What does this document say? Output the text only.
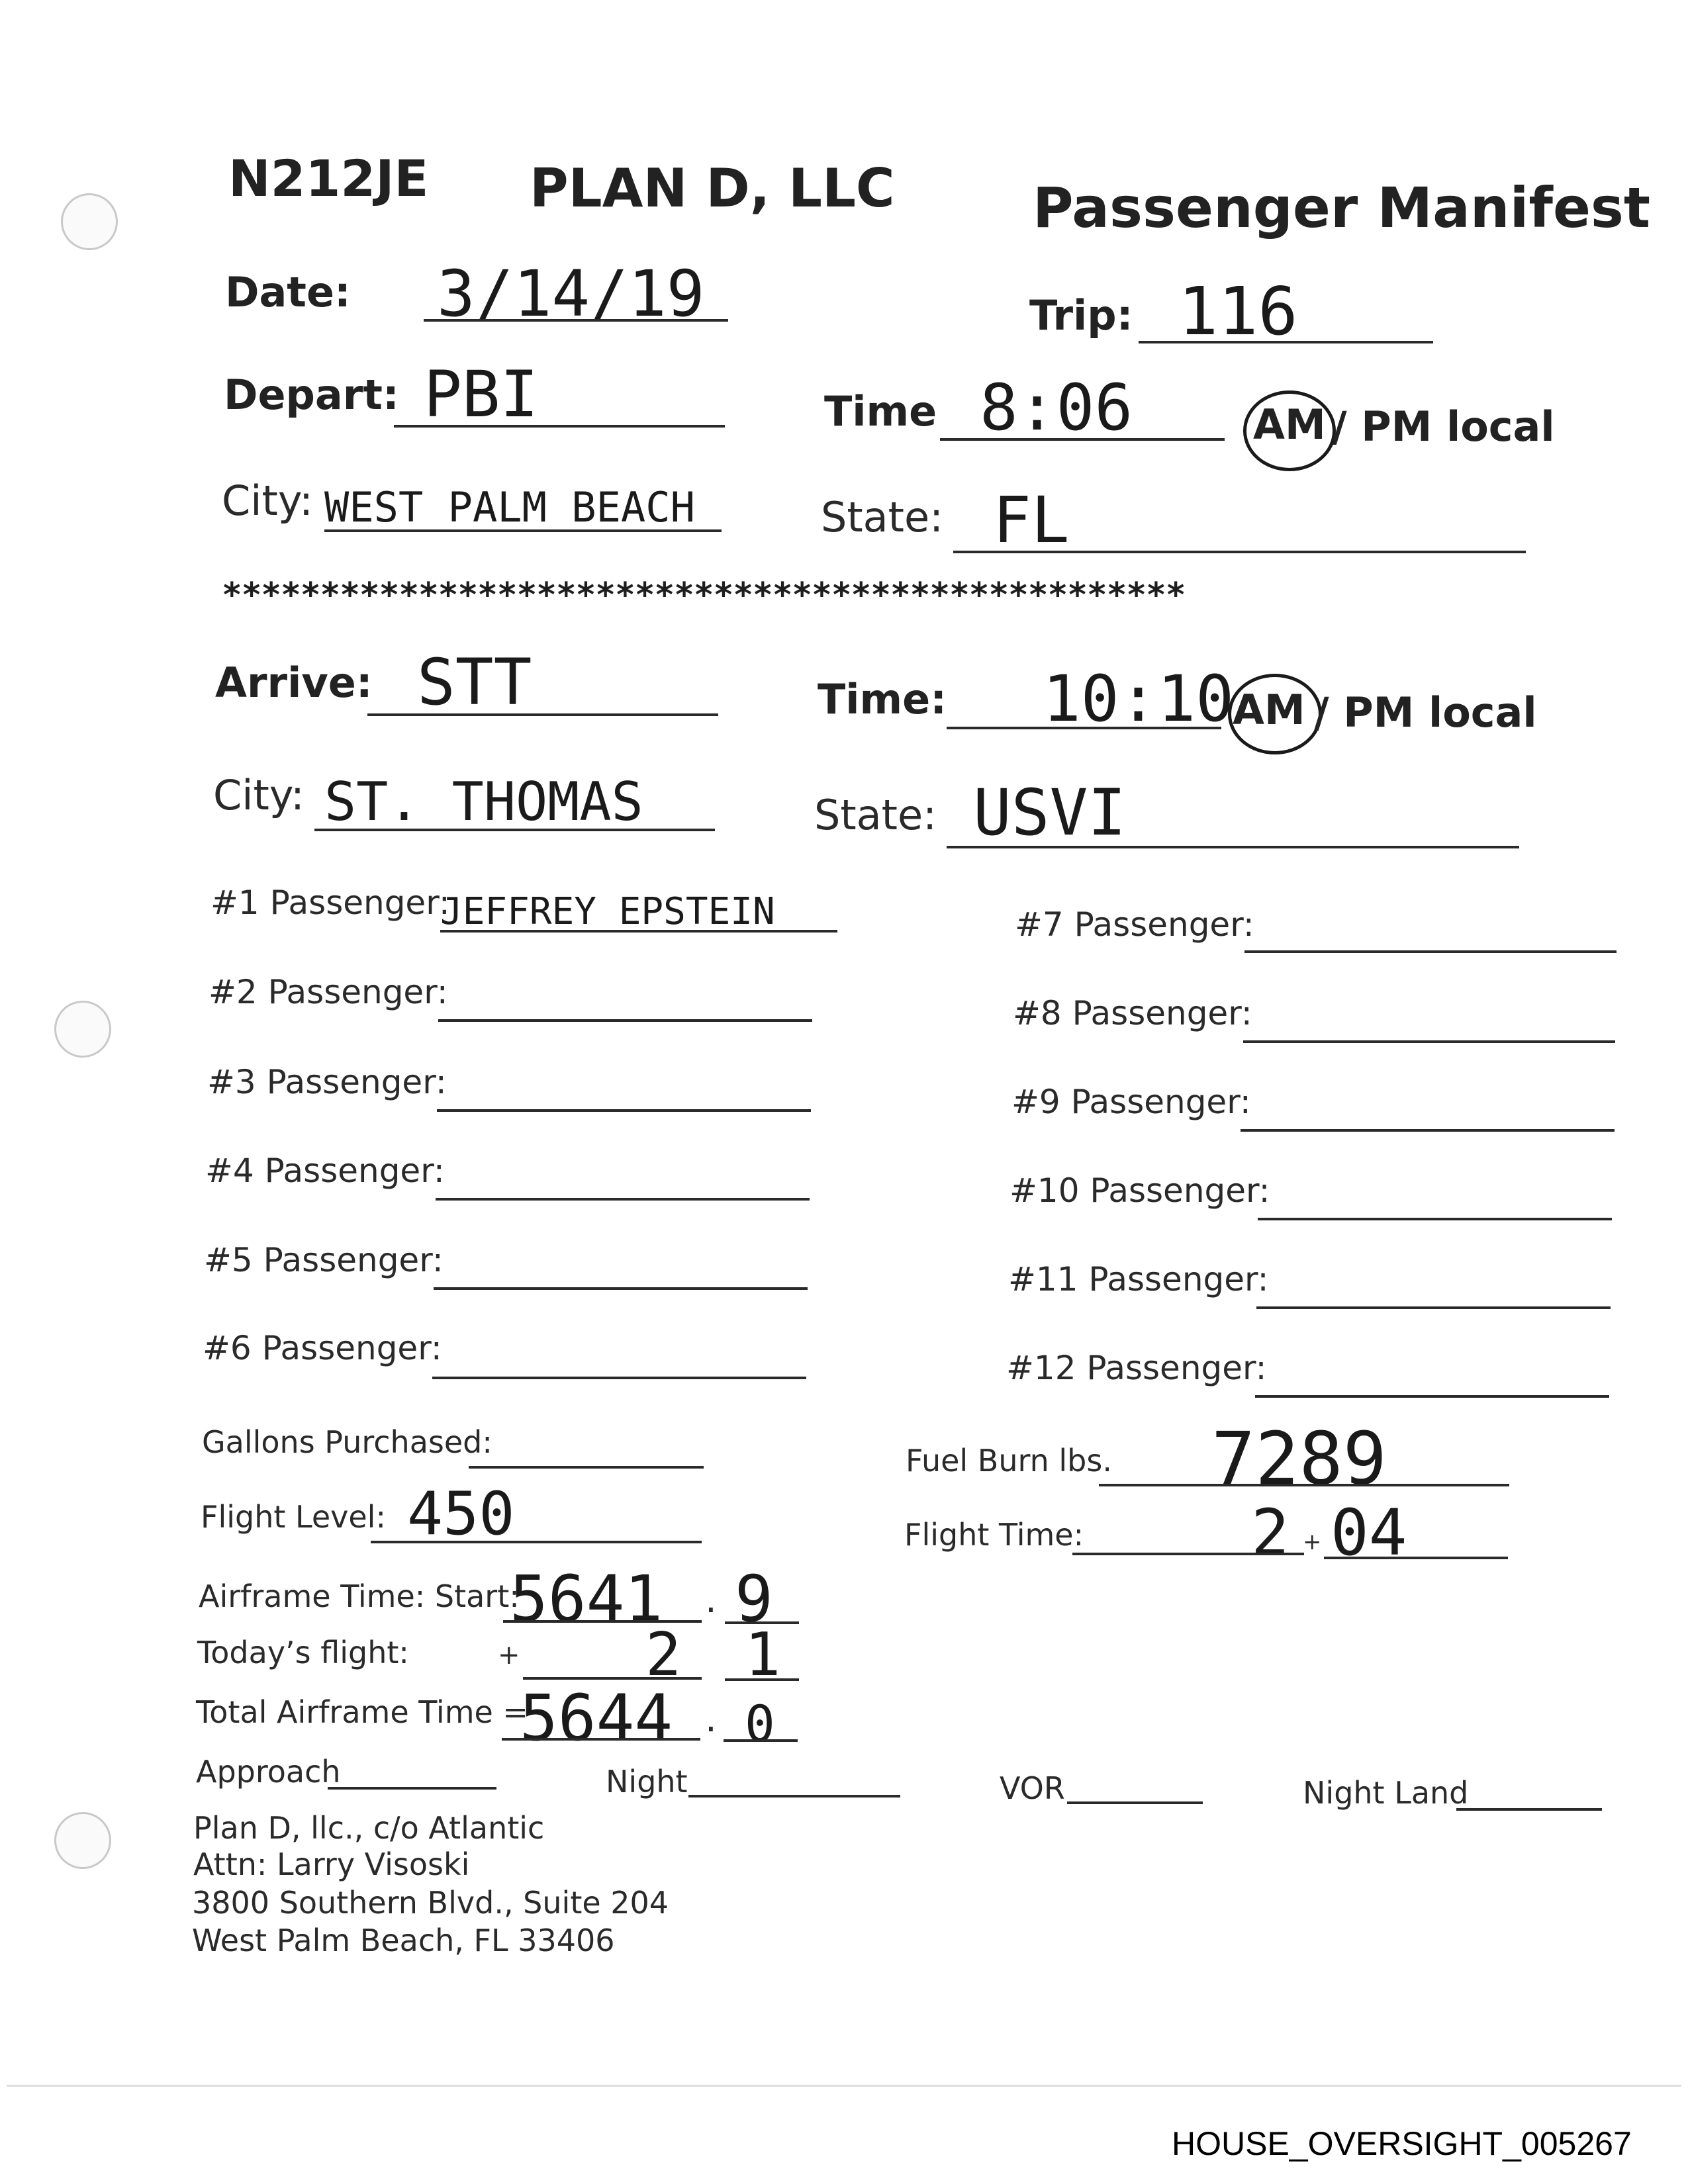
N212JE PLAN D, LLC Passenger Manifest
Date: 3/14/19	Trip: 116
Depart: PBI	Time 8:06	AM / PM local
City: WEST PALM BEACH	State: FL
*************************************************
Arrive: STT	Time: 10:10
AM / PM local
City: ST. THOMAS	State: USVI
#1 Passenger:
JEFFREY EPSTEIN
#2 Passenger:
#3 Passenger:
#4 Passenger:
#5 Passenger:
#6 Passenger:
#7 Passenger:
#8 Passenger:
#9 Passenger:
#10 Passenger:
#11 Passenger:
#12 Passenger:
Gallons Purchased:
Fuel Burn lbs. 7289
Flight Level: 450	Flight Time:	2 + 04
Airframe Time: Start:
5641 . 9
Today’s flight:	+ 2 1
Total Airframe Time =
5644 . 0
Approach	Night	VOR	Night Land
Plan D, llc., c/o Atlantic
Attn: Larry Visoski
3800 Southern Blvd., Suite 204
West Palm Beach, FL 33406
HOUSE_OVERSIGHT_005267
